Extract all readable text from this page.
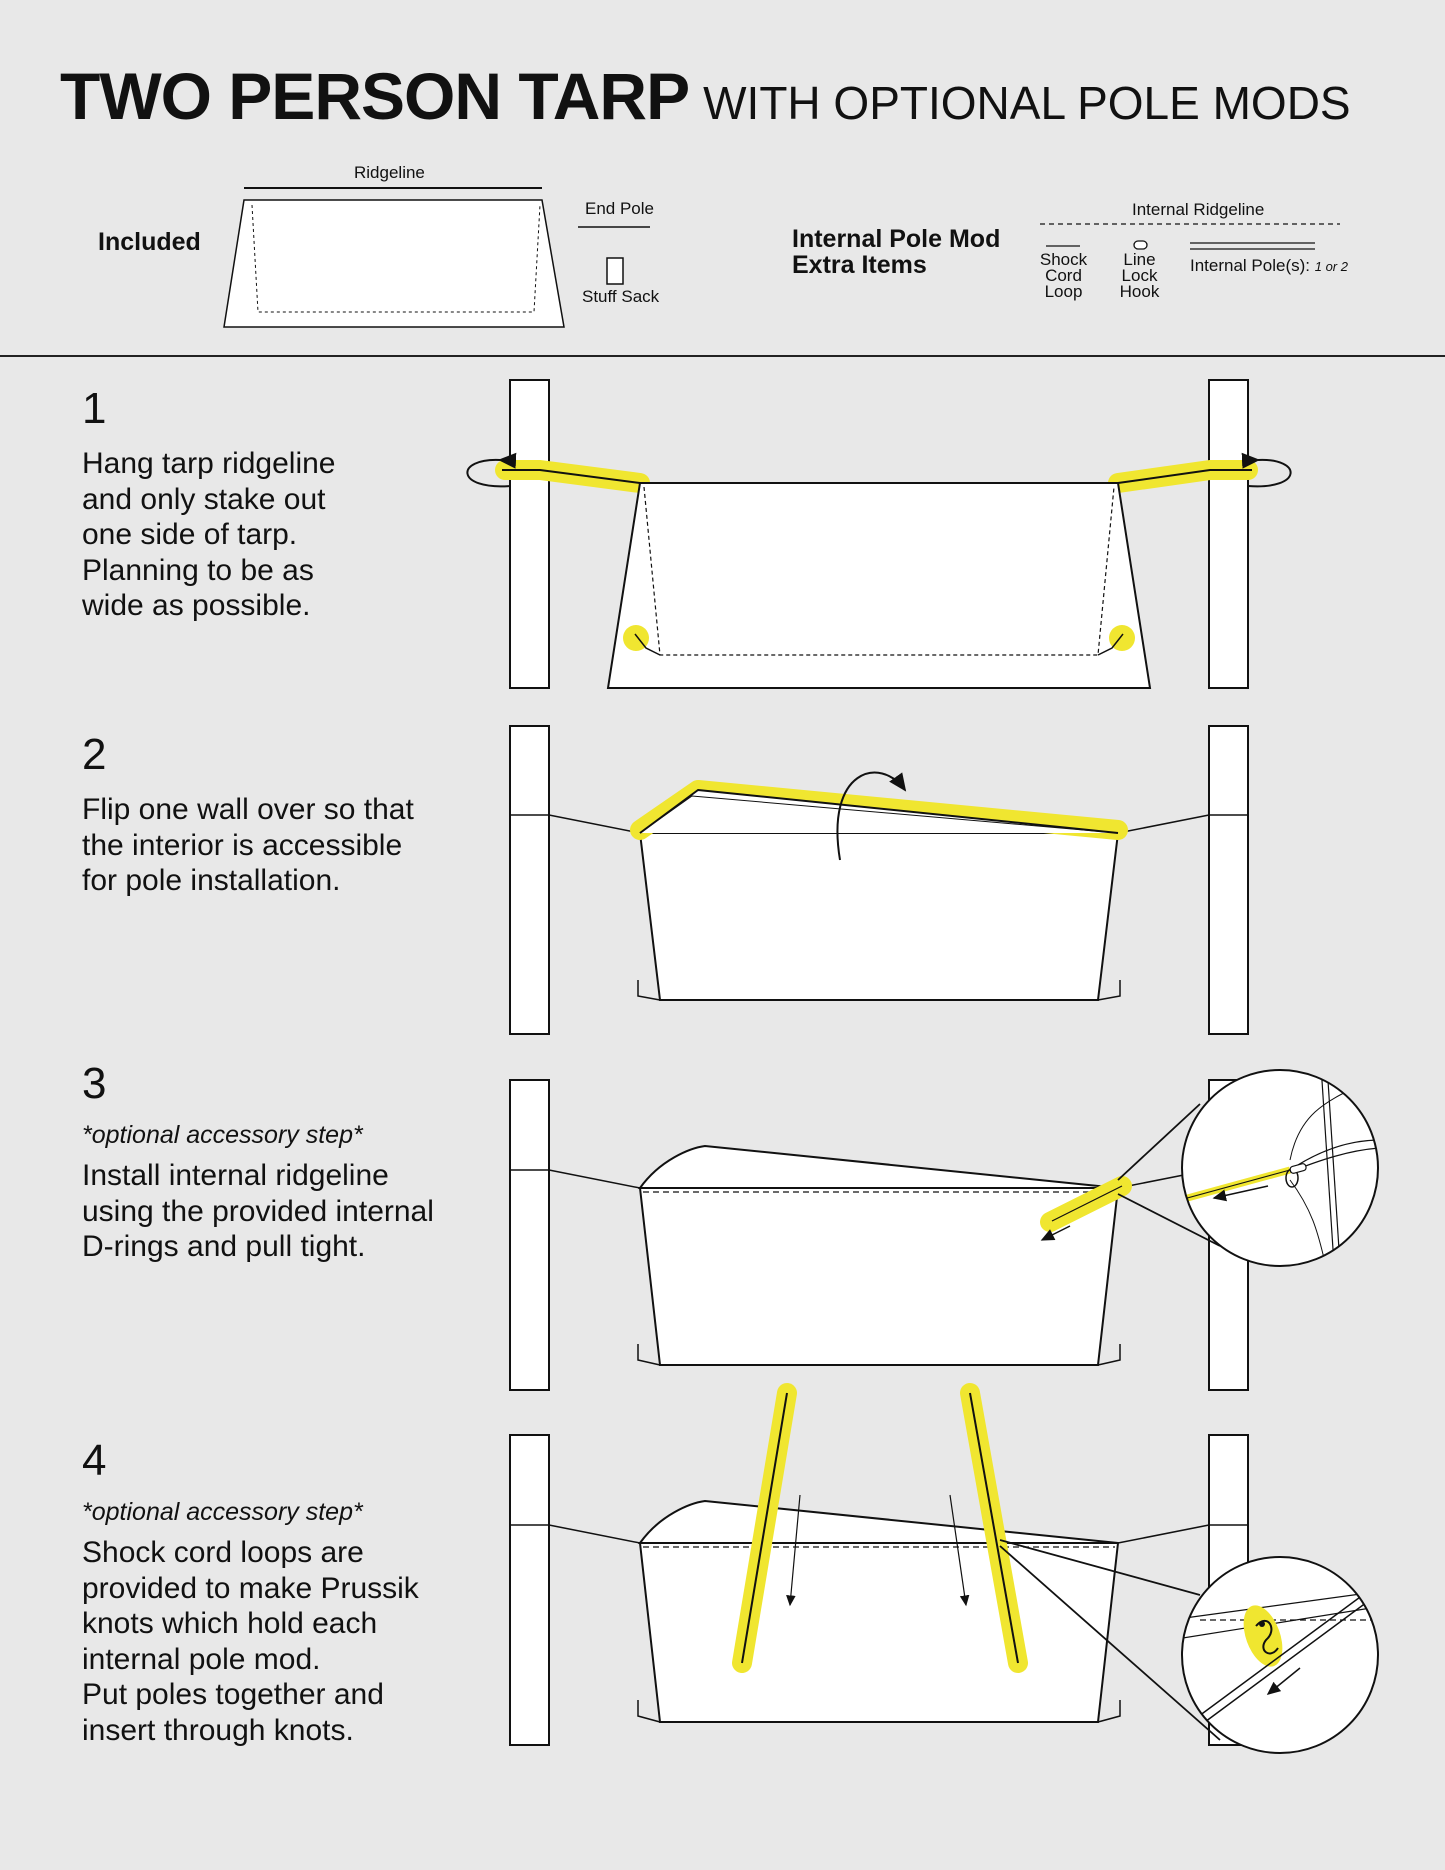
TWO PERSON TARP WITH OPTIONAL POLE MODS
Included
Ridgeline
End Pole
Stuff Sack
Internal Pole Mod
Extra Items
Internal Ridgeline
Shock
Cord
Loop
Line
Lock
Hook
Internal Pole(s): 1 or 2
1
Hang tarp ridgeline
and only stake out
one side of tarp.
Planning to be as
wide as possible.
2
Flip one wall over so that
the interior is accessible
for pole installation.
3
*optional accessory step*
Install internal ridgeline
using the provided internal
D-rings and pull tight.
4
*optional accessory step*
Shock cord loops are
provided to make Prussik
knots which hold each
internal pole mod.
Put poles together and
insert through knots.
